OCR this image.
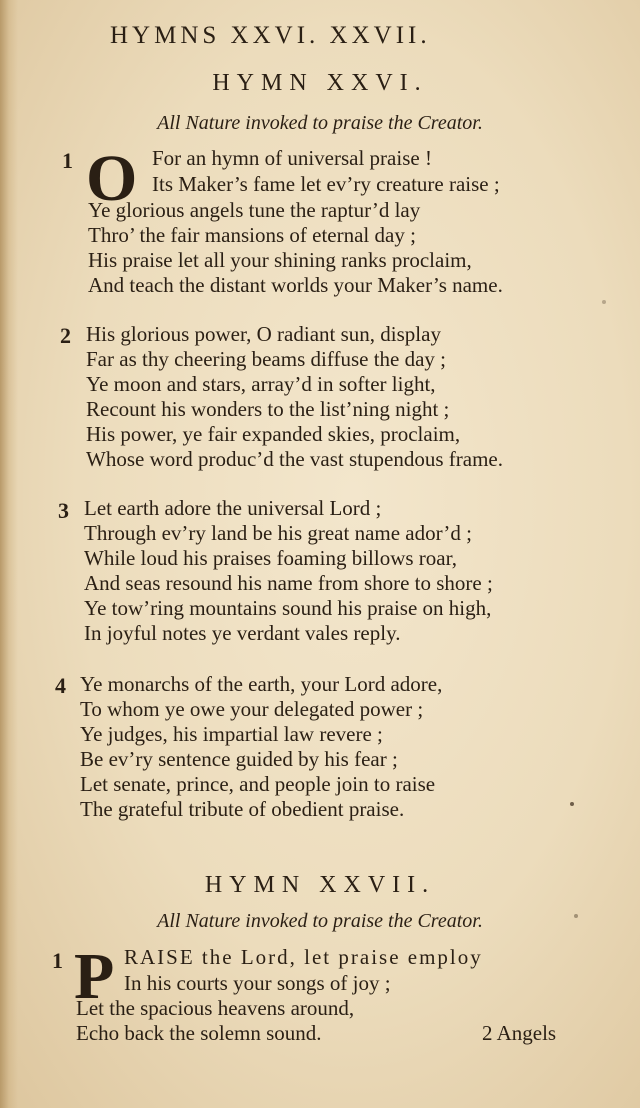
HYMNS XXVI. XXVII.
HYMN XXVI.
All Nature invoked to praise the Creator.
1 O For an hymn of universal praise !
Its Maker’s fame let ev’ry creature raise ;
Ye glorious angels tune the raptur’d lay
Thro’ the fair mansions of eternal day ;
His praise let all your shining ranks proclaim,
And teach the distant worlds your Maker’s name.
2 His glorious power, O radiant sun, display
Far as thy cheering beams diffuse the day ;
Ye moon and stars, array’d in softer light,
Recount his wonders to the list’ning night ;
His power, ye fair expanded skies, proclaim,
Whose word produc’d the vast stupendous frame.
3 Let earth adore the universal Lord ;
Through ev’ry land be his great name ador’d ;
While loud his praises foaming billows roar,
And seas resound his name from shore to shore ;
Ye tow’ring mountains sound his praise on high,
In joyful notes ye verdant vales reply.
4 Ye monarchs of the earth, your Lord adore,
To whom ye owe your delegated power ;
Ye judges, his impartial law revere ;
Be ev’ry sentence guided by his fear ;
Let senate, prince, and people join to raise
The grateful tribute of obedient praise.
HYMN XXVII.
All Nature invoked to praise the Creator.
1 P RAISE the Lord, let praise employ
In his courts your songs of joy ;
Let the spacious heavens around,
Echo back the solemn sound.	2 Angels
